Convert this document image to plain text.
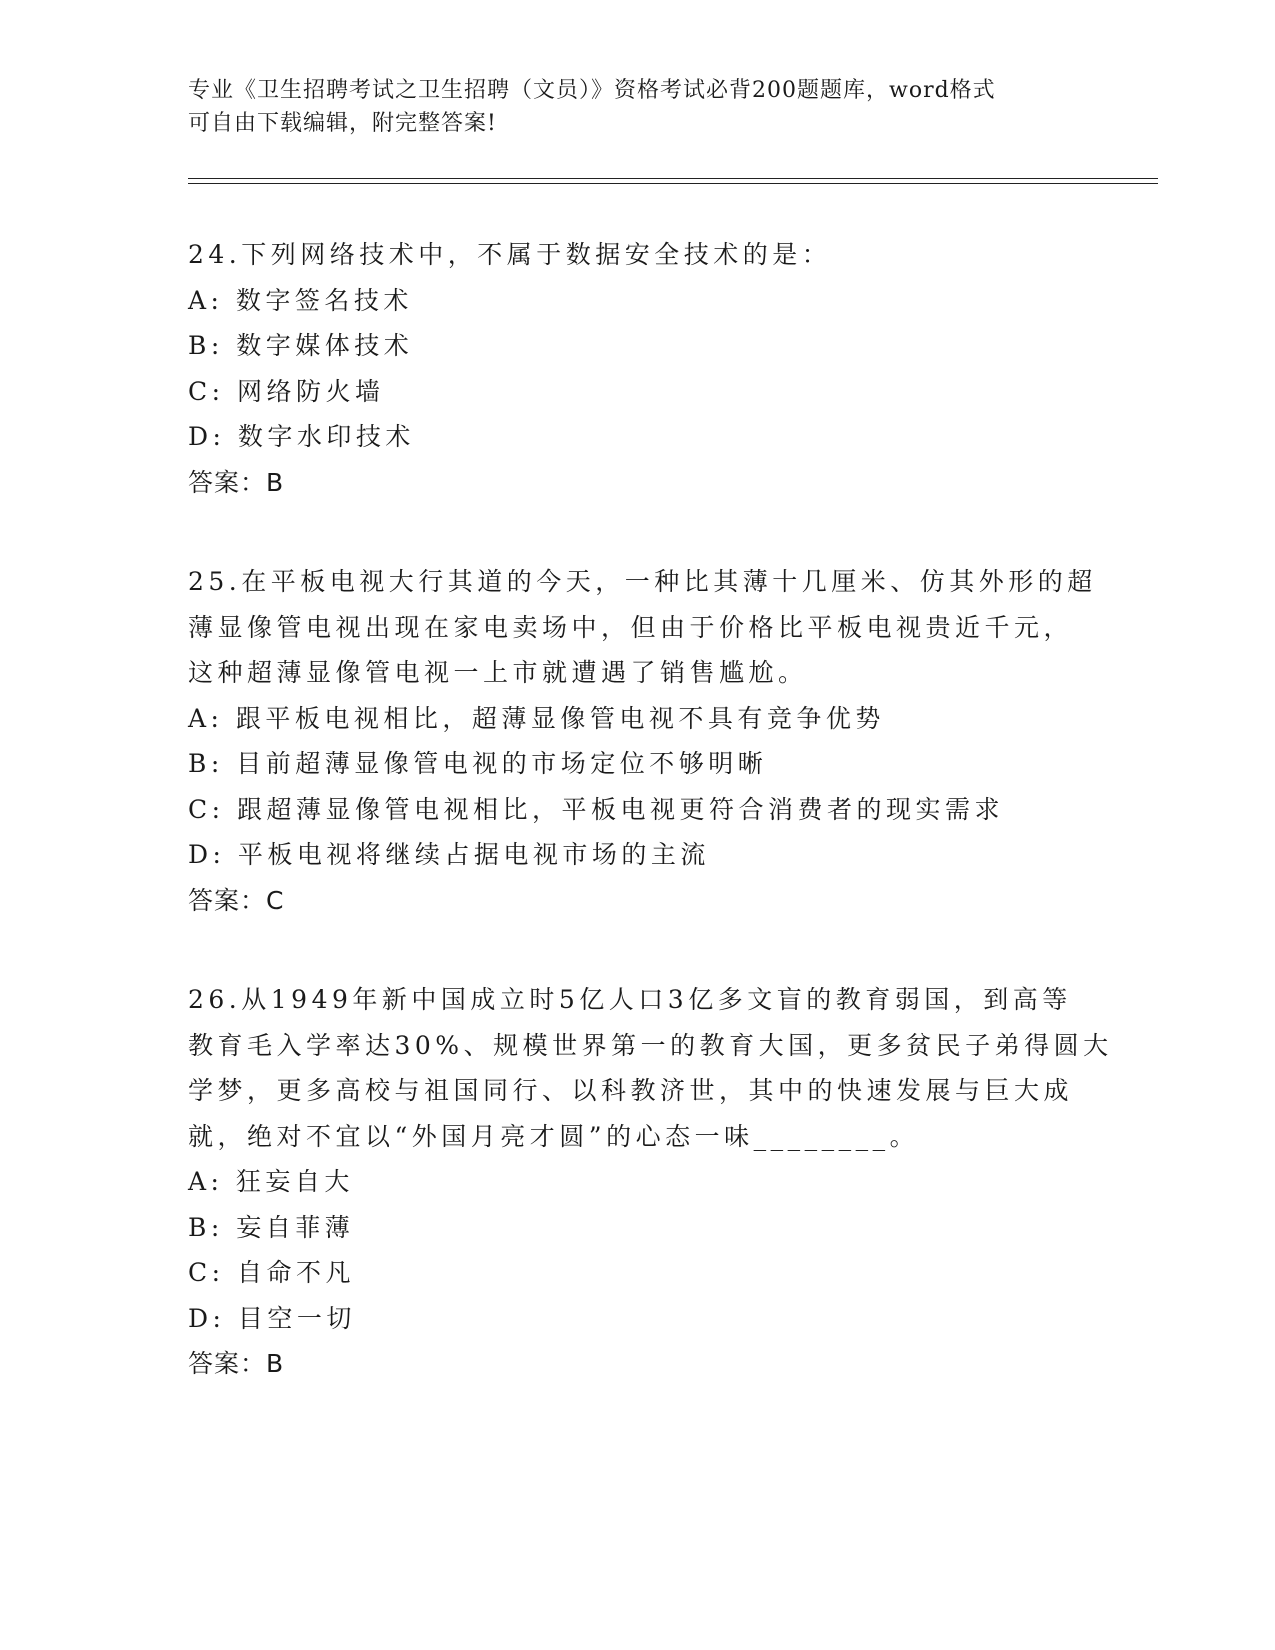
专业《卫生招聘考试之卫生招聘（文员）》资格考试必背200题题库，word格式
可自由下载编辑，附完整答案!
24.下列网络技术中，不属于数据安全技术的是：
A: 数字签名技术
B: 数字媒体技术
C: 网络防火墙
D: 数字水印技术
答案：B
25.在平板电视大行其道的今天，一种比其薄十几厘米、仿其外形的超
薄显像管电视出现在家电卖场中，但由于价格比平板电视贵近千元，
这种超薄显像管电视一上市就遭遇了销售尴尬。
A: 跟平板电视相比，超薄显像管电视不具有竞争优势
B: 目前超薄显像管电视的市场定位不够明晰
C: 跟超薄显像管电视相比，平板电视更符合消费者的现实需求
D: 平板电视将继续占据电视市场的主流
答案：C
26.从1949年新中国成立时5亿人口3亿多文盲的教育弱国，到高等
教育毛入学率达30%、规模世界第一的教育大国，更多贫民子弟得圆大
学梦，更多高校与祖国同行、以科教济世，其中的快速发展与巨大成
就，绝对不宜以“外国月亮才圆”的心态一味________。
A: 狂妄自大
B: 妄自菲薄
C: 自命不凡
D: 目空一切
答案：B
